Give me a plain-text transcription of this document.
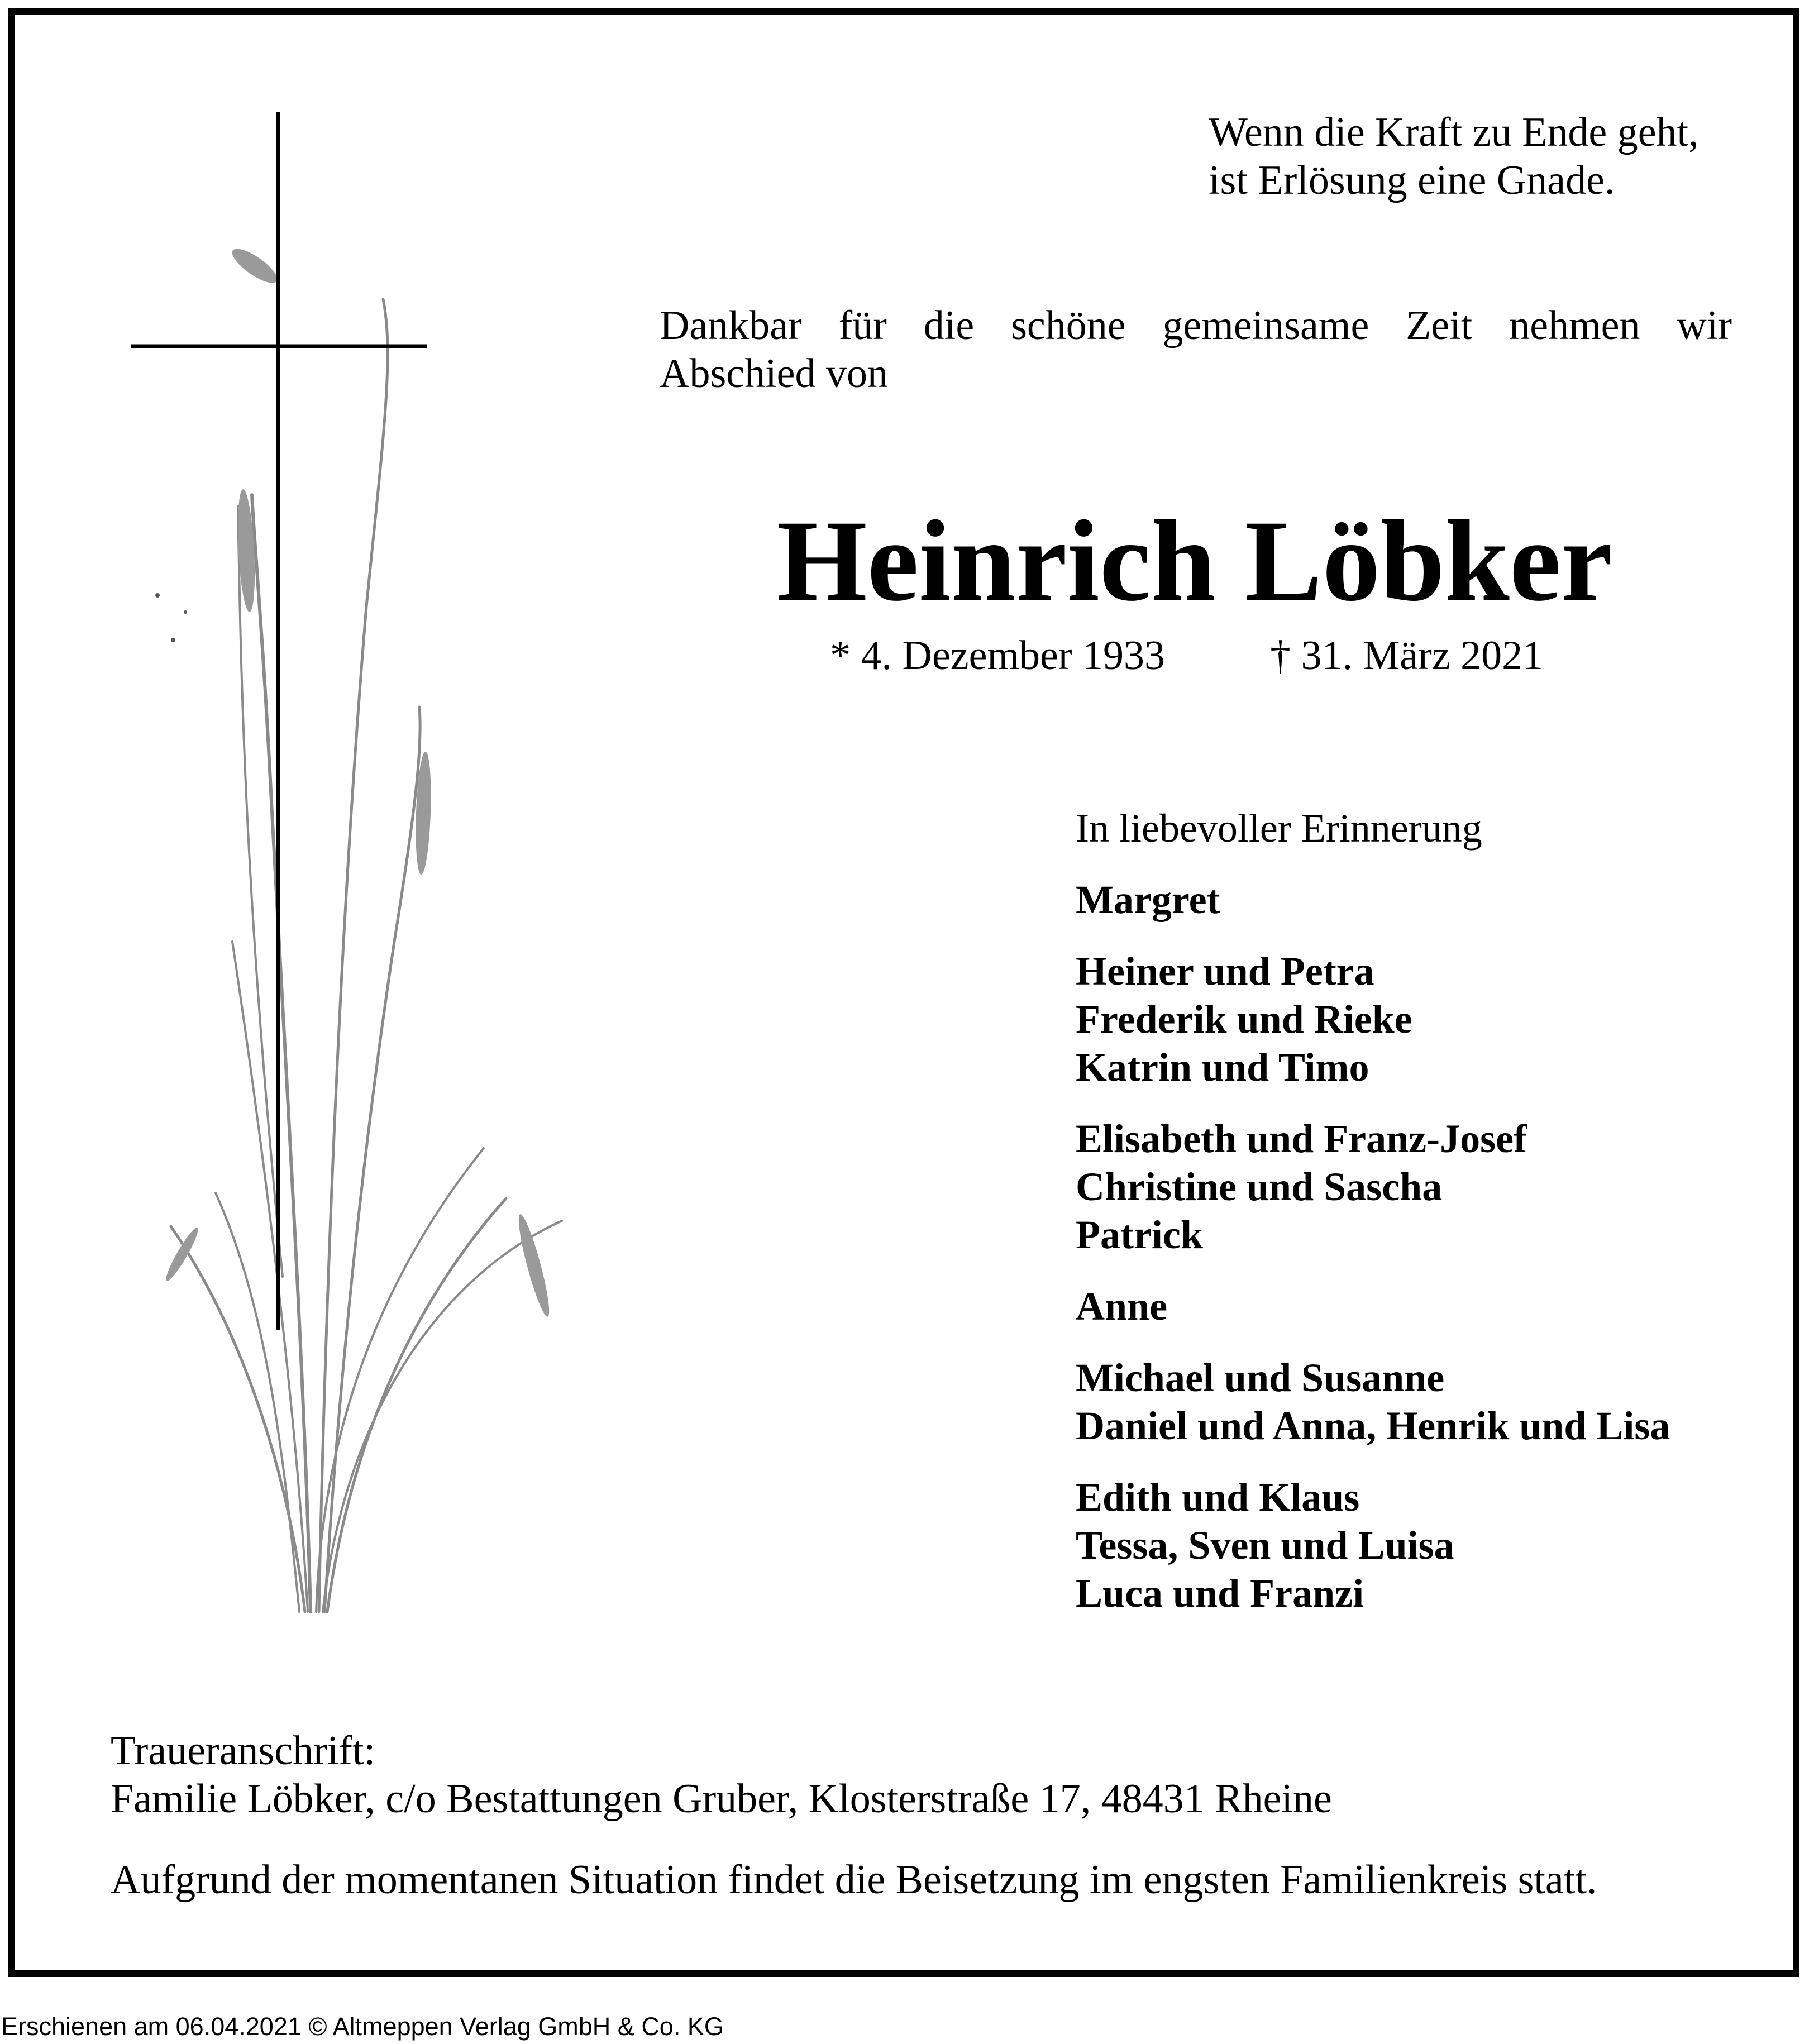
Wenn die Kraft zu Ende geht,
ist Erlösung eine Gnade.
Dankbar für die schöne gemeinsame Zeit nehmen wir
Abschied von
Heinrich Löbker
* 4. Dezember 1933	† 31. März 2021
In liebevoller Erinnerung
Margret
Heiner und Petra
Frederik und Rieke
Katrin und Timo
Elisabeth und Franz-Josef
Christine und Sascha
Patrick
Anne
Michael und Susanne
Daniel und Anna, Henrik und Lisa
Edith und Klaus
Tessa, Sven und Luisa
Luca und Franzi
Traueranschrift:
Familie Löbker, c/o Bestattungen Gruber, Klosterstraße 17, 48431 Rheine
Aufgrund der momentanen Situation findet die Beisetzung im engsten Familienkreis statt.
Erschienen am 06.04.2021 © Altmeppen Verlag GmbH & Co. KG
